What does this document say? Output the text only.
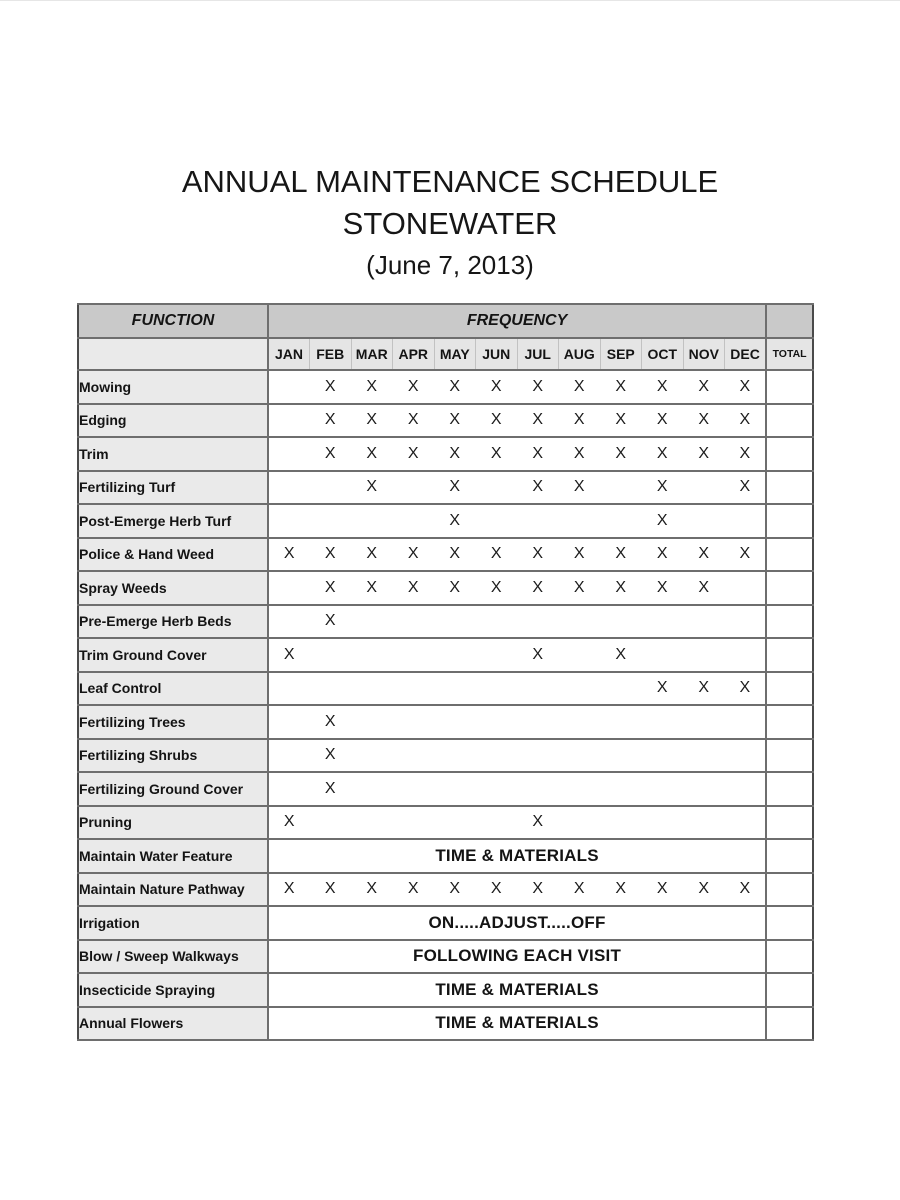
ANNUAL MAINTENANCE SCHEDULE
STONEWATER
(June 7, 2013)
FUNCTION	FREQUENCY												
	JAN	FEB	MAR	APR	MAY	JUN	JUL	AUG	SEP	OCT	NOV	DEC	TOTAL
Mowing		X	X	X	X	X	X	X	X	X	X	X	
Edging		X	X	X	X	X	X	X	X	X	X	X	
Trim		X	X	X	X	X	X	X	X	X	X	X	
Fertilizing Turf			X		X		X	X		X		X	
Post-Emerge Herb Turf					X					X			
Police & Hand Weed	X	X	X	X	X	X	X	X	X	X	X	X	
Spray Weeds		X	X	X	X	X	X	X	X	X	X		
Pre-Emerge Herb Beds		X											
Trim Ground Cover	X						X		X				
Leaf Control										X	X	X	
Fertilizing Trees		X											
Fertilizing Shrubs		X											
Fertilizing Ground Cover		X											
Pruning	X						X						
Maintain Water Feature	TIME & MATERIALS												
Maintain Nature Pathway	X	X	X	X	X	X	X	X	X	X	X	X	
Irrigation	ON.....ADJUST.....OFF												
Blow / Sweep Walkways	FOLLOWING EACH VISIT												
Insecticide Spraying	TIME & MATERIALS												
Annual Flowers	TIME & MATERIALS												
